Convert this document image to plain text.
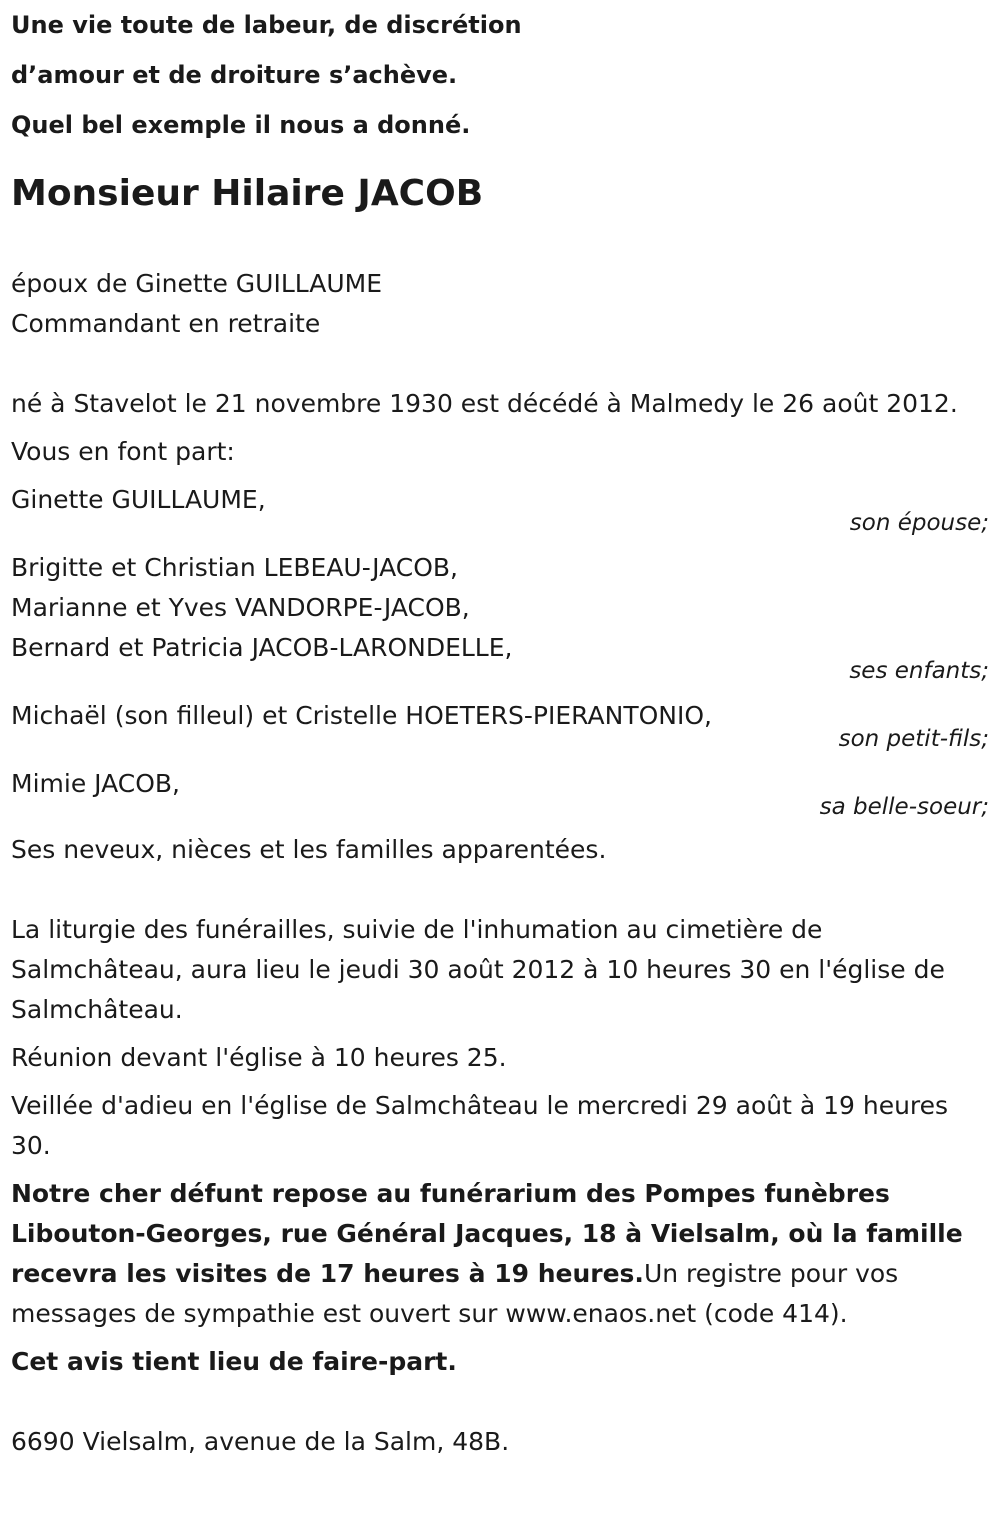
Une vie toute de labeur, de discrétion

d’amour et de droiture s’achève.

Quel bel exemple il nous a donné.

Monsieur Hilaire JACOB

époux de Ginette GUILLAUME

Commandant en retraite

né à Stavelot le 21 novembre 1930 est décédé à Malmedy le 26 août 2012.

Vous en font part:

Ginette GUILLAUME,

son épouse;

Brigitte et Christian LEBEAU-JACOB,

Marianne et Yves VANDORPE-JACOB,

Bernard et Patricia JACOB-LARONDELLE,

ses enfants;

Michaël (son filleul) et Cristelle HOETERS-PIERANTONIO,

son petit-fils;

Mimie JACOB,

sa belle-soeur;

Ses neveux, nièces et les familles apparentées.

La liturgie des funérailles, suivie de l'inhumation au cimetière de Salmchâteau, aura lieu le jeudi 30 août 2012 à 10 heures 30 en l'église de Salmchâteau.

Réunion devant l'église à 10 heures 25.

Veillée d'adieu en l'église de Salmchâteau le mercredi 29 août à 19 heures 30.

Notre cher défunt repose au funérarium des Pompes funèbres Libouton-Georges, rue Général Jacques, 18 à Vielsalm, où la famille recevra les visites de 17 heures à 19 heures.Un registre pour vos messages de sympathie est ouvert sur www.enaos.net (code 414).

Cet avis tient lieu de faire-part.

6690 Vielsalm, avenue de la Salm, 48B.
